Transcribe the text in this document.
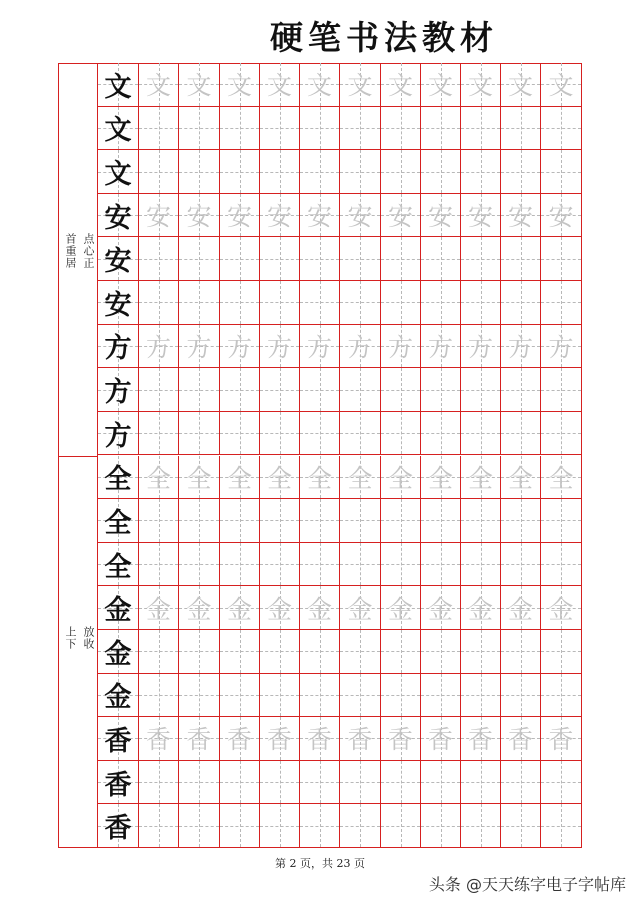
硬笔书法教材
点心正
首重居
文 文 文 文 文 文 文 文 文 文 文 文
文
文
安 安 安 安 安 安 安 安 安 安 安 安
安
安
方 方 方 方 方 方 方 方 方 方 方 方
方
方
放收
上下
全 全 全 全 全 全 全 全 全 全 全 全
全
全
金 金 金 金 金 金 金 金 金 金 金 金
金
金
香 香 香 香 香 香 香 香 香 香 香 香
香
香
第 2 页，共 23 页
头条 @天天练字电子字帖库
